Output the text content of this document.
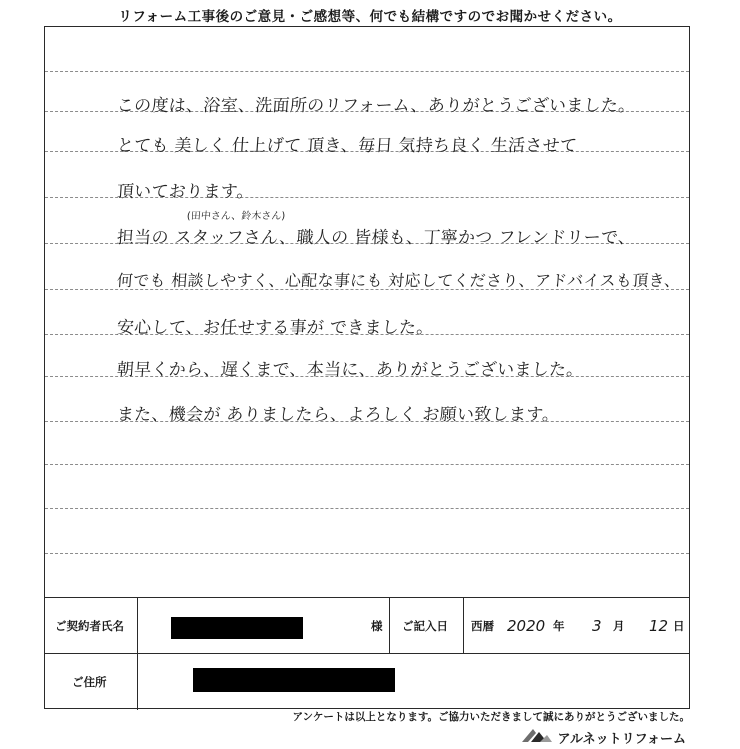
リフォーム工事後のご意見・ご感想等、何でも結構ですのでお聞かせください。
この度は、浴室、洗面所のリフォーム、ありがとうございました。
とても 美しく 仕上げて 頂き、毎日 気持ち良く 生活させて
頂いております。
(田中さん、鈴木さん)
担当の スタッフさん、職人の 皆様も、丁寧かつ フレンドリーで、
何でも 相談しやすく、心配な事にも 対応してくださり、アドバイスも頂き、
安心して、お任せする事が できました。
朝早くから、遅くまで、本当に、ありがとうございました。
また、機会が ありましたら、よろしく お願い致します。
ご契約者氏名	様	ご記入日	西暦 2020 年 3 月 12 日
ご住所
アンケートは以上となります。ご協力いただきまして誠にありがとうございました。
アルネットリフォーム
